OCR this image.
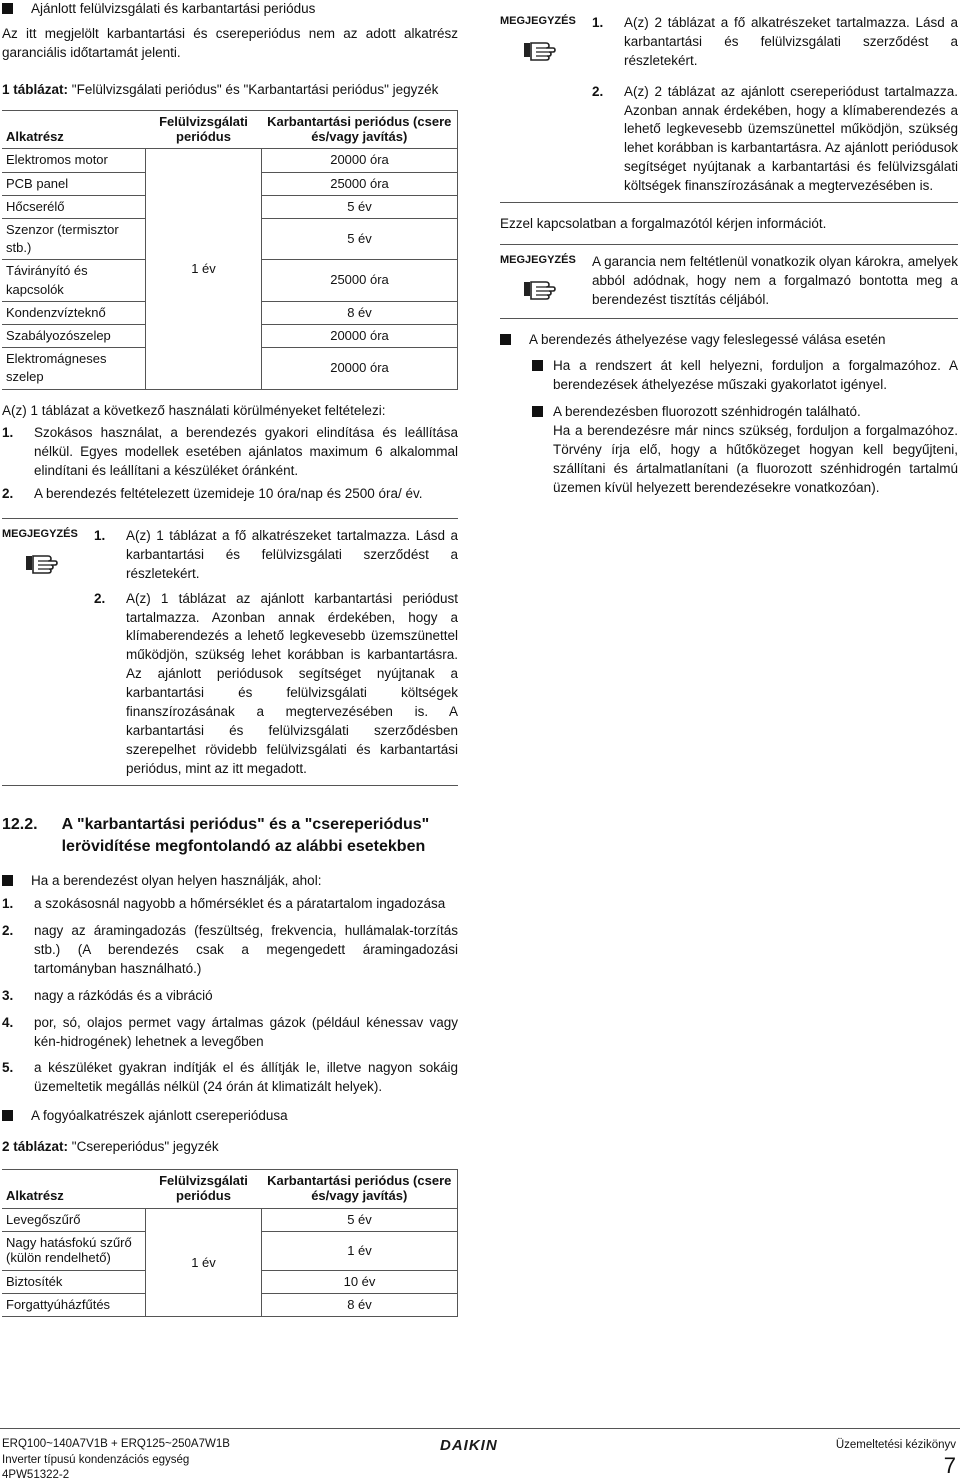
Ajánlott felülvizsgálati és karbantartási periódus

Az itt megjelölt karbantartási és csereperiódus nem az adott alkatrész garanciális időtartamát jelenti.

1 táblázat: "Felülvizsgálati periódus" és "Karbantartási periódus" jegyzék

Alkatrész	Felülvizsgálati periódus	Karbantartási periódus (csere és/vagy javítás)
Elektromos motor	1 év	20000 óra
PCB panel		25000 óra
Hőcserélő		5 év
Szenzor (termisztor stb.)		5 év
Távirányító és kapcsolók		25000 óra
Kondenzvízteknő		8 év
Szabályozószelep		20000 óra
Elektromágneses szelep		20000 óra

A(z) 1 táblázat a következő használati körülményeket feltételezi:

1.	Szokásos használat, a berendezés gyakori elindítása és leállítása nélkül. Egyes modellek esetében ajánlatos maximum 6 alkalommal elindítani és leállítani a készüléket óránként.
2.	A berendezés feltételezett üzemideje 10 óra/nap és 2500 óra/ év.
MEGJEGYZÉS	1.	A(z) 1 táblázat a fő alkatrészeket tartalmazza. Lásd a karbantartási és felülvizsgálati szerződést a részletekért.
2.	A(z) 1 táblázat az ajánlott karbantartási periódust tartalmazza. Azonban annak érdekében, hogy a klímaberendezés a lehető legkevesebb üzemszünettel működjön, szükség lehet korábban is karbantartásra. Az ajánlott periódusok segítséget nyújtanak a karbantartási és felülvizsgálati költségek finanszírozásának a megtervezésében is. A karbantartási és felülvizsgálati szerződésben szerepelhet rövidebb felülvizsgálati és karbantartási periódus, mint az itt megadott.
12.2. A "karbantartási periódus" és a "csereperiódus" lerövidítése megfontolandó az alábbi esetekben
Ha a berendezést olyan helyen használják, ahol:
1.	a szokásosnál nagyobb a hőmérséklet és a páratartalom ingadozása
2.	nagy az áramingadozás (feszültség, frekvencia, hullámalak-torzítás stb.) (A berendezés csak a megengedett áramingadozási tartományban használható.)
3.	nagy a rázkódás és a vibráció
4.	por, só, olajos permet vagy ártalmas gázok (például kénessav vagy kén-hidrogének) lehetnek a levegőben
5.	a készüléket gyakran indítják el és állítják le, illetve nagyon sokáig üzemeltetik megállás nélkül (24 órán át klimatizált helyek).
A fogyóalkatrészek ajánlott csereperiódusa

2 táblázat: "Csereperiódus" jegyzék

Alkatrész	Felülvizsgálati periódus	Karbantartási periódus (csere és/vagy javítás)
Levegőszűrő	1 év	5 év
Nagy hatásfokú szűrő (külön rendelhető)		1 év
Biztosíték		10 év
Forgattyúházfűtés		8 év
MEGJEGYZÉS	1.	A(z) 2 táblázat a fő alkatrészeket tartalmazza. Lásd a karbantartási és felülvizsgálati szerződést a részletekért.
2.	A(z) 2 táblázat az ajánlott csereperiódust tartalmazza. Azonban annak érdekében, hogy a klímaberendezés a lehető legkevesebb üzemszünettel működjön, szükség lehet korábban is karbantartásra. Az ajánlott periódusok segítséget nyújtanak a karbantartási és felülvizsgálati költségek finanszírozásának a megtervezésében is.

Ezzel kapcsolatban a forgalmazótól kérjen információt.

MEGJEGYZÉS	A garancia nem feltétlenül vonatkozik olyan károkra, amelyek abból adódnak, hogy nem a forgalmazó bontotta meg a berendezést tisztítás céljából.
A berendezés áthelyezése vagy feleslegessé válása esetén
Ha a rendszert át kell helyezni, forduljon a forgalmazóhoz. A berendezések áthelyezése műszaki gyakorlatot igényel.
A berendezésben fluorozott szénhidrogén található.
Ha a berendezésre már nincs szükség, forduljon a forgalmazóhoz. Törvény írja elő, hogy a hűtőközeget hogyan kell begyűjteni, szállítani és ártalmatlanítani (a fluorozott szénhidrogén tartalmú üzemen kívül helyezett berendezésekre vonatkozóan).
ERQ100~140A7V1B + ERQ125~250A7W1B
Inverter típusú kondenzációs egység
4PW51322-2
DAIKIN	Üzemeltetési kézikönyv
7
